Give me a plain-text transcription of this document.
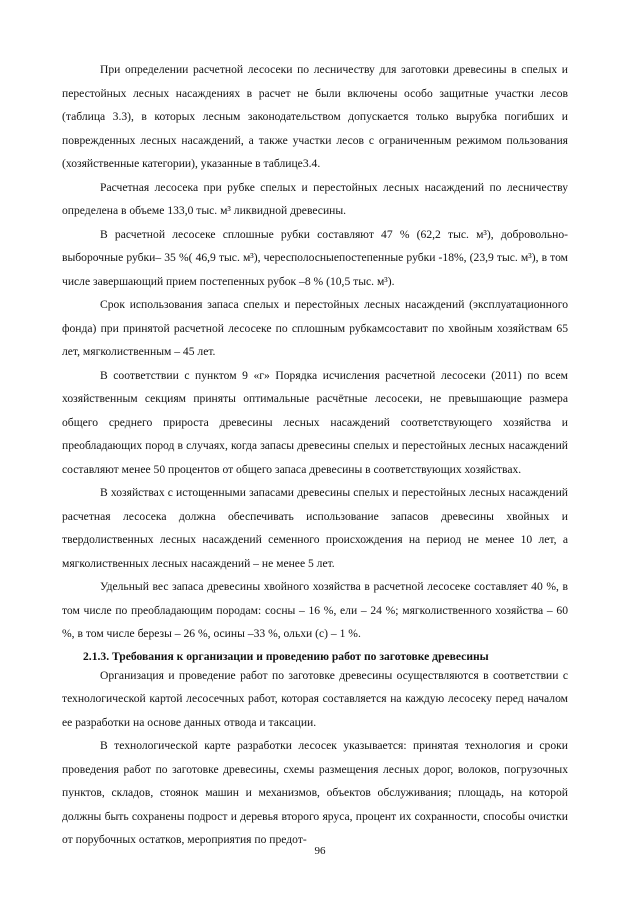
При определении расчетной лесосеки по лесничеству для заготовки древесины в спелых и перестойных лесных насаждениях в расчет не были включены особо защитные участки лесов (таблица 3.3), в которых лесным законодательством допускается только вырубка погибших и поврежденных лесных насаждений, а также участки лесов с ограниченным режимом пользования (хозяйственные категории), указанные в таблице3.4.

Расчетная лесосека при рубке спелых и перестойных лесных насаждений по лесничеству определена в объеме 133,0 тыс. м³ ликвидной древесины.

В расчетной лесосеке сплошные рубки составляют 47 % (62,2 тыс. м³), добровольно-выборочные рубки– 35 %( 46,9 тыс. м³), чересполосныепостепенные рубки -18%, (23,9 тыс. м³), в том числе завершающий прием постепенных рубок –8 % (10,5 тыс. м³).

Срок использования запаса спелых и перестойных лесных насаждений (эксплуатационного фонда) при принятой расчетной лесосеке по сплошным рубкамсоставит по хвойным хозяйствам 65 лет, мягколиственным – 45 лет.

В соответствии с пунктом 9 «г» Порядка исчисления расчетной лесосеки (2011) по всем хозяйственным секциям приняты оптимальные расчётные лесосеки, не превышающие размера общего среднего прироста древесины лесных насаждений соответствующего хозяйства и преобладающих пород в случаях, когда запасы древесины спелых и перестойных лесных насаждений составляют менее 50 процентов от общего запаса древесины в соответствующих хозяйствах.

В хозяйствах с истощенными запасами древесины спелых и перестойных лесных насаждений расчетная лесосека должна обеспечивать использование запасов древесины хвойных и твердолиственных лесных насаждений семенного происхождения на период не менее 10 лет, а мягколиственных лесных насаждений – не менее 5 лет.

Удельный вес запаса древесины хвойного хозяйства в расчетной лесосеке составляет 40 %, в том числе по преобладающим породам: сосны – 16 %, ели – 24 %; мягколиственного хозяйства – 60 %, в том числе березы – 26 %, осины –33 %, ольхи (с) – 1 %.

2.1.3. Требования к организации и проведению работ по заготовке древесины

Организация и проведение работ по заготовке древесины осуществляются в соответствии с технологической картой лесосечных работ, которая составляется на каждую лесосеку перед началом ее разработки на основе данных отвода и таксации.

В технологической карте разработки лесосек указывается: принятая технология и сроки проведения работ по заготовке древесины, схемы размещения лесных дорог, волоков, погрузочных пунктов, складов, стоянок машин и механизмов, объектов обслуживания; площадь, на которой должны быть сохранены подрост и деревья второго яруса, процент их сохранности, способы очистки от порубочных остатков, мероприятия по предот-

96
